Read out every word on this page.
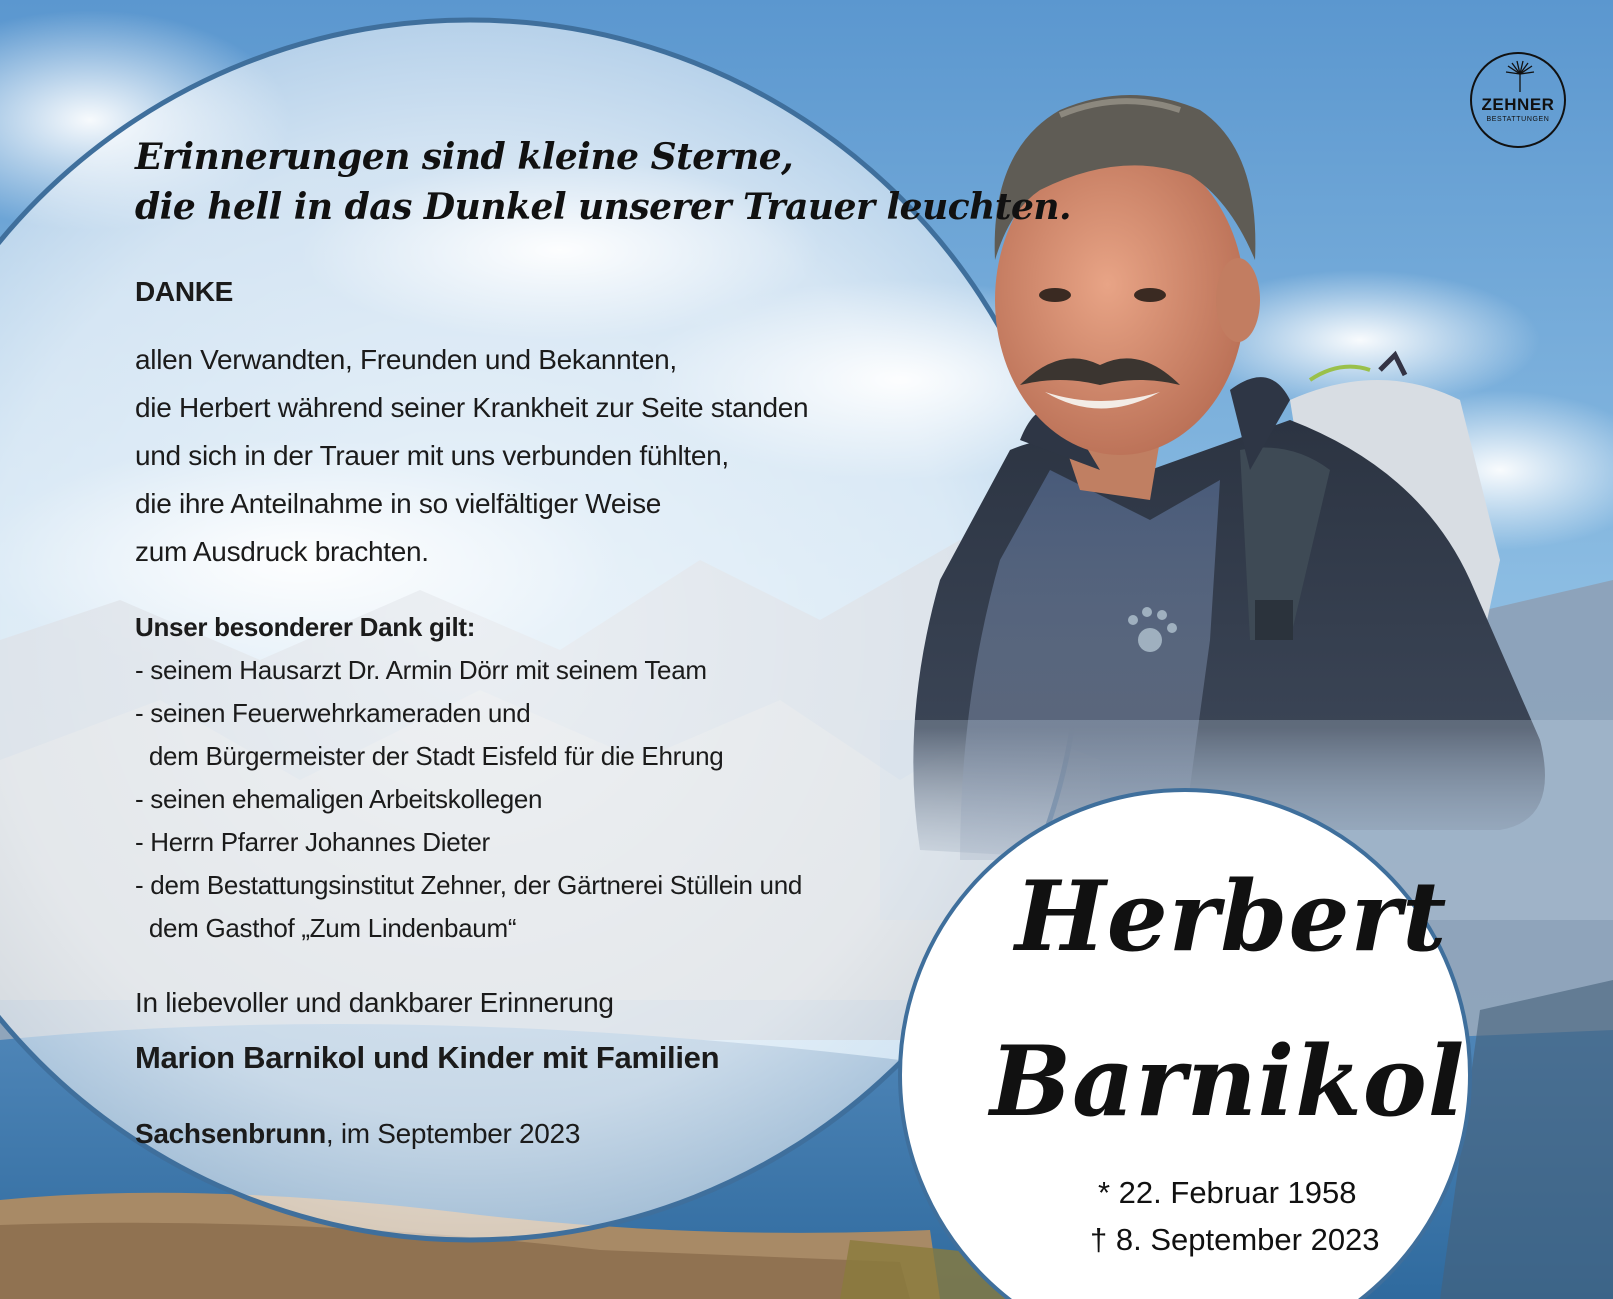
ZEHNER
BESTATTUNGEN
Erinnerungen sind kleine Sterne,
die hell in das Dunkel unserer Trauer leuchten.
DANKE
allen Verwandten, Freunden und Bekannten,
die Herbert während seiner Krankheit zur Seite standen
und sich in der Trauer mit uns verbunden fühlten,
die ihre Anteilnahme in so vielfältiger Weise
zum Ausdruck brachten.
Unser besonderer Dank gilt:
- seinem Hausarzt Dr. Armin Dörr mit seinem Team
- seinen Feuerwehrkameraden und
dem Bürgermeister der Stadt Eisfeld für die Ehrung
- seinen ehemaligen Arbeitskollegen
- Herrn Pfarrer Johannes Dieter
- dem Bestattungsinstitut Zehner, der Gärtnerei Stüllein und
dem Gasthof „Zum Lindenbaum“
In liebevoller und dankbarer Erinnerung
Marion Barnikol und Kinder mit Familien
Sachsenbrunn, im September 2023
Herbert
Barnikol
* 22. Februar 1958
† 8. September 2023
